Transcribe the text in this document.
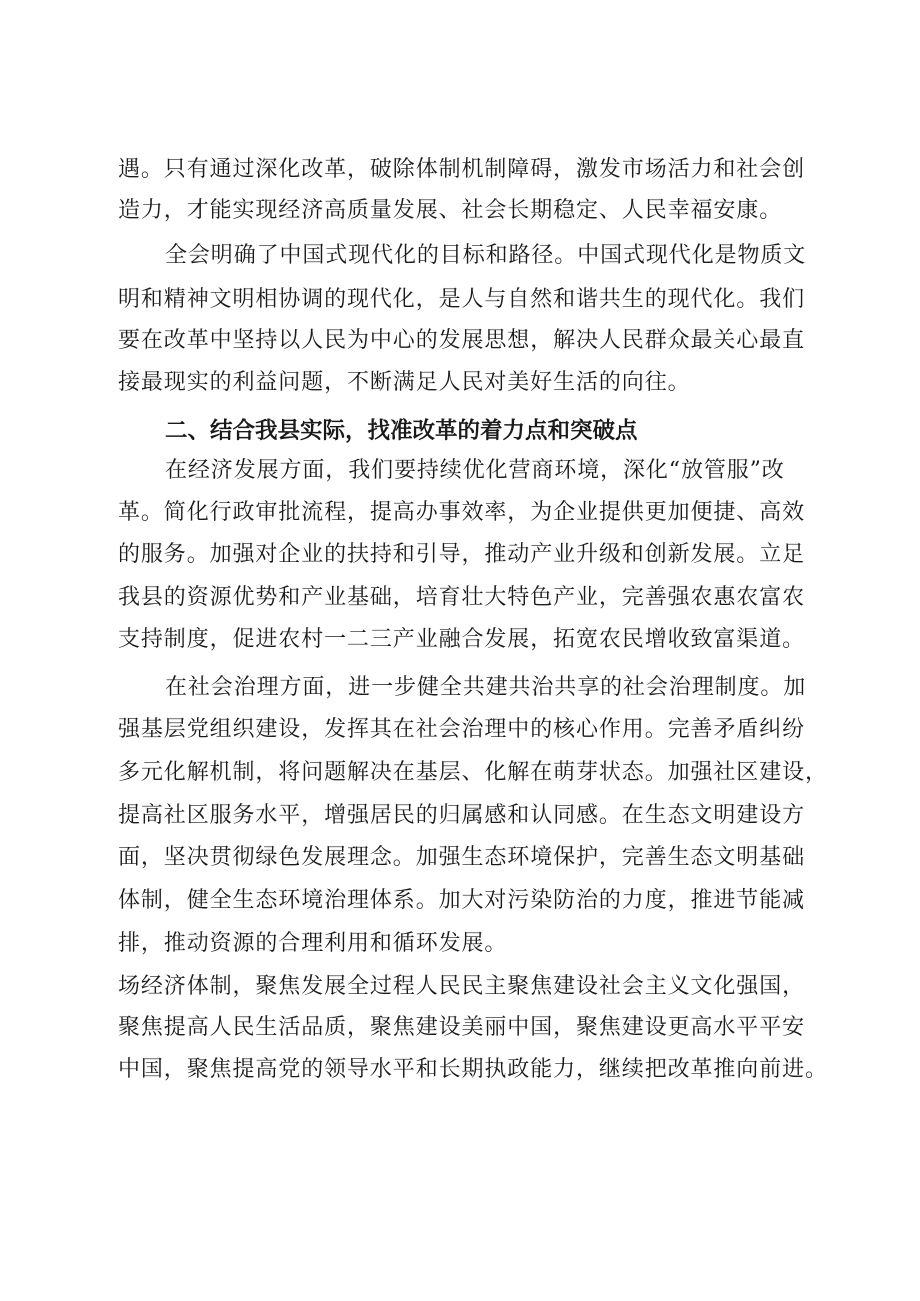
遇。只有通过深化改革，破除体制机制障碍，激发市场活力和社会创
造力，才能实现经济高质量发展、社会长期稳定、人民幸福安康。
全会明确了中国式现代化的目标和路径。中国式现代化是物质文
明和精神文明相协调的现代化，是人与自然和谐共生的现代化。我们
要在改革中坚持以人民为中心的发展思想，解决人民群众最关心最直
接最现实的利益问题，不断满足人民对美好生活的向往。
二、结合我县实际，找准改革的着力点和突破点
在经济发展方面，我们要持续优化营商环境，深化“放管服”改
革。简化行政审批流程，提高办事效率，为企业提供更加便捷、高效
的服务。加强对企业的扶持和引导，推动产业升级和创新发展。立足
我县的资源优势和产业基础，培育壮大特色产业，完善强农惠农富农
支持制度，促进农村一二三产业融合发展，拓宽农民增收致富渠道。
在社会治理方面，进一步健全共建共治共享的社会治理制度。加
强基层党组织建设，发挥其在社会治理中的核心作用。完善矛盾纠纷
多元化解机制，将问题解决在基层、化解在萌芽状态。加强社区建设，
提高社区服务水平，增强居民的归属感和认同感。在生态文明建设方
面，坚决贯彻绿色发展理念。加强生态环境保护，完善生态文明基础
体制，健全生态环境治理体系。加大对污染防治的力度，推进节能减
排，推动资源的合理利用和循环发展。
场经济体制，聚焦发展全过程人民民主聚焦建设社会主义文化强国，
聚焦提高人民生活品质，聚焦建设美丽中国，聚焦建设更高水平平安
中国，聚焦提高党的领导水平和长期执政能力，继续把改革推向前进。
